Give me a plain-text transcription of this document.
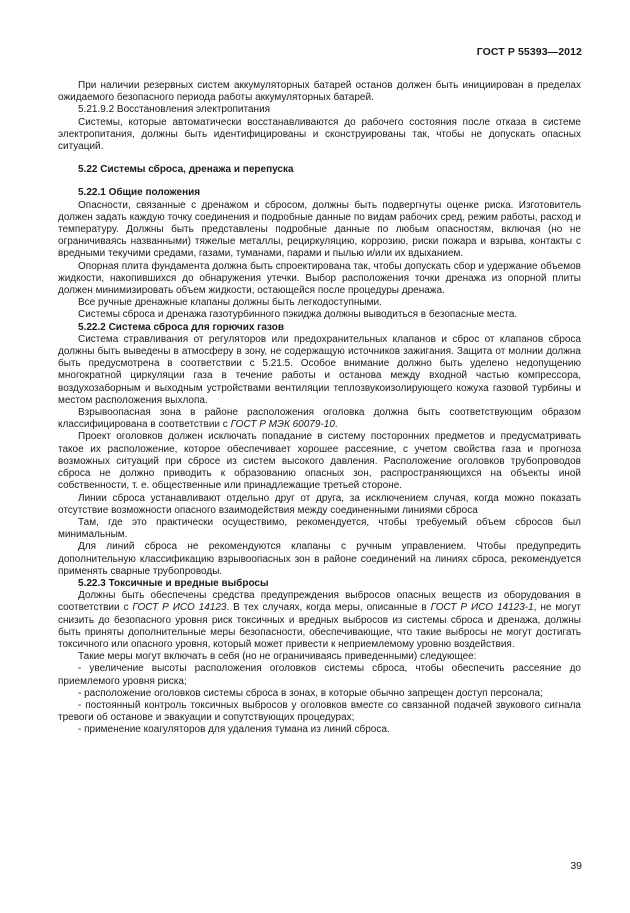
ГОСТ Р 55393—2012

При наличии резервных систем аккумуляторных батарей останов должен быть инициирован в пределах ожидаемого безопасного периода работы аккумуляторных батарей.

5.21.9.2 Восстановления электропитания

Системы, которые автоматически восстанавливаются до рабочего состояния после отказа в системе электропитания, должны быть идентифицированы и сконструированы так, чтобы не допускать опасных ситуаций.

5.22 Системы сброса, дренажа и перепуска

5.22.1 Общие положения

Опасности, связанные с дренажом и сбросом, должны быть подвергнуты оценке риска. Изготовитель должен задать каждую точку соединения и подробные данные по видам рабочих сред, режим работы, расход и температуру. Должны быть представлены подробные данные по любым опасностям, включая (но не ограничиваясь названными) тяжелые металлы, рециркуляцию, коррозию, риски пожара и взрыва, контакты с вредными текучими средами, газами, туманами, парами и пылью и/или их вдыханием.

Опорная плита фундамента должна быть спроектирована так, чтобы допускать сбор и удержание объемов жидкости, накопившихся до обнаружения утечки. Выбор расположения точки дренажа из опорной плиты должен минимизировать объем жидкости, остающейся после процедуры дренажа.

Все ручные дренажные клапаны должны быть легкодоступными.

Системы сброса и дренажа газотурбинного пэкиджа должны выводиться в безопасные места.

5.22.2 Система сброса для горючих газов

Система стравливания от регуляторов или предохранительных клапанов и сброс от клапанов сброса должны быть выведены в атмосферу в зону, не содержащую источников зажигания. Защита от молнии должна быть предусмотрена в соответствии с 5.21.5. Особое внимание должно быть уделено недопущению многократной циркуляции газа в течение работы и останова между входной частью компрессора, воздухозаборным и выходным устройствами вентиляции теплозвукоизолирующего кожуха газовой турбины и местом расположения выхлопа.

Взрывоопасная зона в районе расположения оголовка должна быть соответствующим образом классифицирована в соответствии с ГОСТ Р МЭК 60079-10.

Проект оголовков должен исключать попадание в систему посторонних предметов и предусматривать такое их расположение, которое обеспечивает хорошее рассеяние, с учетом свойства газа и прогноза возможных ситуаций при сбросе из систем высокого давления. Расположение оголовков трубопроводов сброса не должно приводить к образованию опасных зон, распространяющихся на объекты иной собственности, т. е. общественные или принадлежащие третьей стороне.

Линии сброса устанавливают отдельно друг от друга, за исключением случая, когда можно показать отсутствие возможности опасного взаимодействия между соединенными линиями сброса

Там, где это практически осуществимо, рекомендуется, чтобы требуемый объем сбросов был минимальным.

Для линий сброса не рекомендуются клапаны с ручным управлением. Чтобы предупредить дополнительную классификацию взрывоопасных зон в районе соединений на линиях сброса, рекомендуется применять сварные трубопроводы.

5.22.3 Токсичные и вредные выбросы

Должны быть обеспечены средства предупреждения выбросов опасных веществ из оборудования в соответствии с ГОСТ Р ИСО 14123. В тех случаях, когда меры, описанные в ГОСТ Р ИСО 14123-1, не могут снизить до безопасного уровня риск токсичных и вредных выбросов из системы сброса и дренажа, должны быть приняты дополнительные меры безопасности, обеспечивающие, что такие выбросы не могут достигать токсичного или опасного уровня, который может привести к неприемлемому уровню воздействия.

Такие меры могут включать в себя (но не ограничиваясь приведенными) следующее:

- увеличение высоты расположения оголовков системы сброса, чтобы обеспечить рассеяние до приемлемого уровня риска;

- расположение оголовков системы сброса в зонах, в которые обычно запрещен доступ персонала;

- постоянный контроль токсичных выбросов у оголовков вместе со связанной подачей звукового сигнала тревоги об останове и эвакуации и сопутствующих процедурах;

- применение коагуляторов для удаления тумана из линий сброса.

39
